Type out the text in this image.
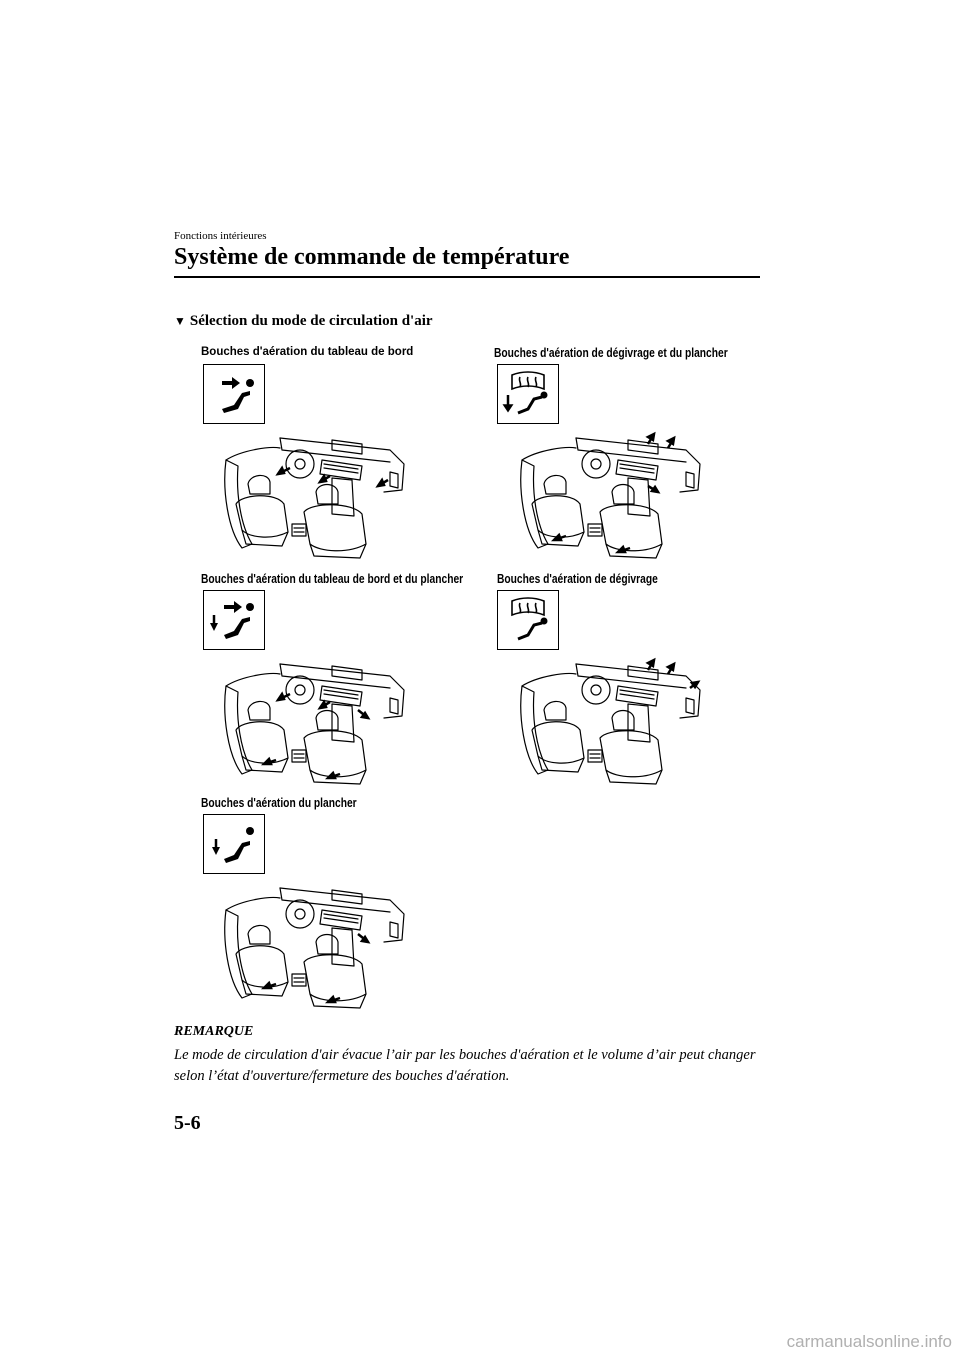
Fonctions intérieures
Système de commande de température
▼ Sélection du mode de circulation d'air
Bouches d'aération du tableau de bord	Bouches d'aération de dégivrage et du plancher
Bouches d'aération du tableau de bord et du plancher	Bouches d'aération de dégivrage
Bouches d'aération du plancher
REMARQUE
Le mode de circulation d'air évacue l’air par les bouches d'aération et le volume d’air peut changer selon l’état d'ouverture/fermeture des bouches d'aération.
5-6
carmanualsonline.info
